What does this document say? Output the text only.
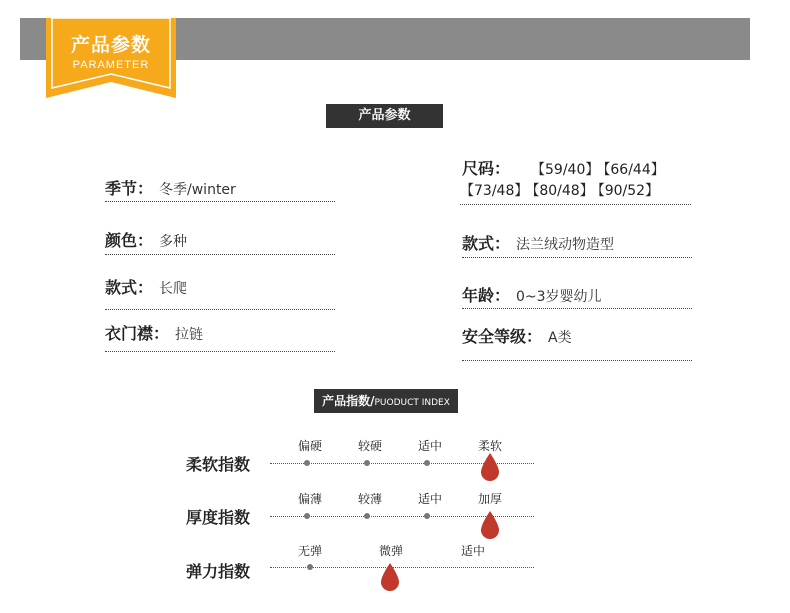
产品参数
PARAMETER
产品参数
季节： 冬季/winter
颜色： 多种
款式： 长爬
衣门襟： 拉链
尺码： 【59/40】 【66/44】
【73/48】 【80/48】 【90/52】
款式： 法兰绒动物造型
年龄： 0~3岁婴幼儿
安全等级： A类
产品指数/PUODUCT INDEX
柔软指数
偏硬	较硬	适中	柔软
厚度指数
偏薄	较薄	适中	加厚
弹力指数
无弹	微弹	适中
